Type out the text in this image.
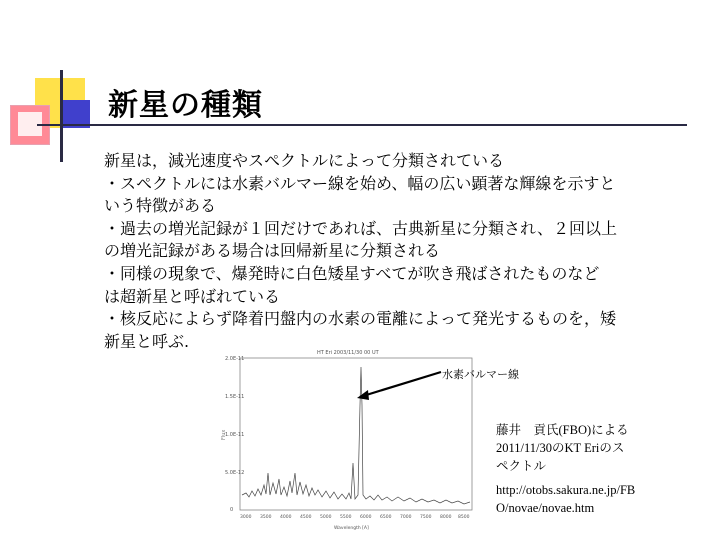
新星の種類
新星は，減光速度やスペクトルによって分類されている
・スペクトルには水素バルマー線を始め、幅の広い顕著な輝線を示すと
いう特徴がある
・過去の増光記録が１回だけであれば、古典新星に分類され、２回以上
の増光記録がある場合は回帰新星に分類される
・同様の現象で、爆発時に白色矮星すべてが吹き飛ばされたものなど
は超新星と呼ばれている
・核反応によらず降着円盤内の水素の電離によって発光するものを，矮
新星と呼ぶ.
HT Eri 2003/11/30 00 UT
Flux
2.0E-11
1.5E-11
1.0E-11
5.0E-12
0
3000 3500 4000 4500 5000 5500 6000 6500 7000 7500 8000 8500
Wavelength [A]
水素バルマー線
藤井　貢氏(FBO)による
2011/11/30のKT Eriのス
ペクトル
http://otobs.sakura.ne.jp/FB
O/novae/novae.htm
